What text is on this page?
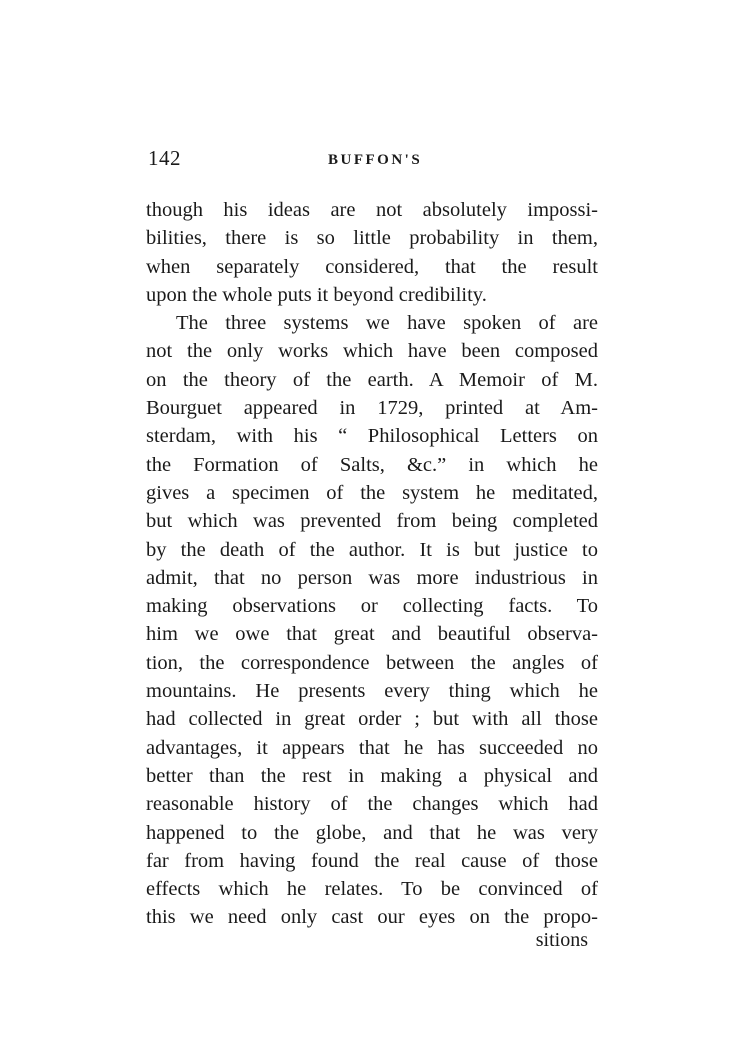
142	BUFFON'S
though his ideas are not absolutely impossi-
bilities, there is so little probability in them,
when separately considered, that the result
upon the whole puts it beyond credibility.
The three systems we have spoken of are
not the only works which have been composed
on the theory of the earth. A Memoir of M.
Bourguet appeared in 1729, printed at Am-
sterdam, with his “ Philosophical Letters on
the Formation of Salts, &c.” in which he
gives a specimen of the system he meditated,
but which was prevented from being completed
by the death of the author. It is but justice to
admit, that no person was more industrious in
making observations or collecting facts. To
him we owe that great and beautiful observa-
tion, the correspondence between the angles of
mountains. He presents every thing which he
had collected in great order ; but with all those
advantages, it appears that he has succeeded no
better than the rest in making a physical and
reasonable history of the changes which had
happened to the globe, and that he was very
far from having found the real cause of those
effects which he relates. To be convinced of
this we need only cast our eyes on the propo-
sitions
